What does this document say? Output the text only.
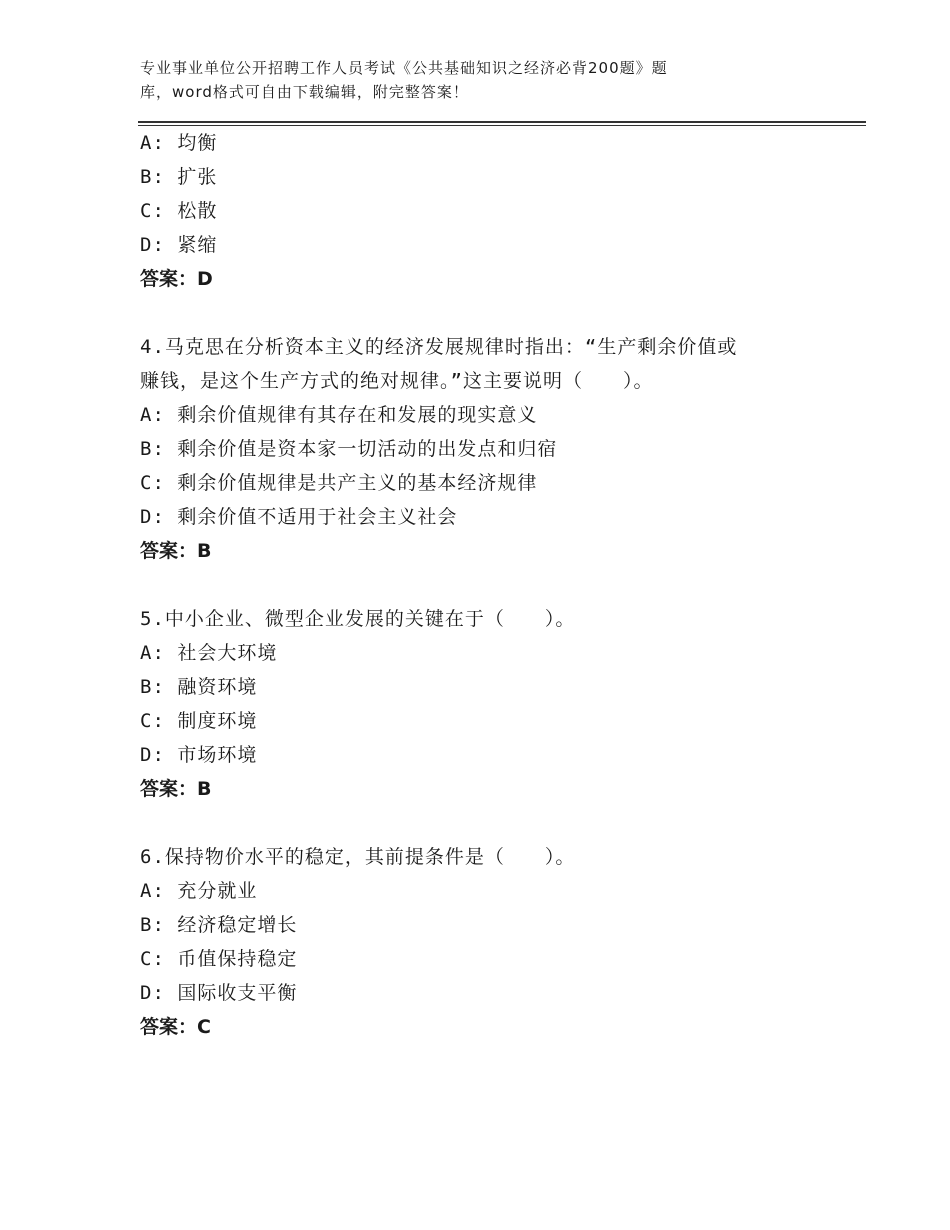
专业事业单位公开招聘工作人员考试《公共基础知识之经济必背200题》题
库，word格式可自由下载编辑，附完整答案！
A: 均衡
B: 扩张
C: 松散
D: 紧缩
答案：D
4.马克思在分析资本主义的经济发展规律时指出：“生产剩余价值或
赚钱，是这个生产方式的绝对规律。”这主要说明（　　）。
A: 剩余价值规律有其存在和发展的现实意义
B: 剩余价值是资本家一切活动的出发点和归宿
C: 剩余价值规律是共产主义的基本经济规律
D: 剩余价值不适用于社会主义社会
答案：B
5.中小企业、微型企业发展的关键在于（　　）。
A: 社会大环境
B: 融资环境
C: 制度环境
D: 市场环境
答案：B
6.保持物价水平的稳定，其前提条件是（　　）。
A: 充分就业
B: 经济稳定增长
C: 币值保持稳定
D: 国际收支平衡
答案：C
